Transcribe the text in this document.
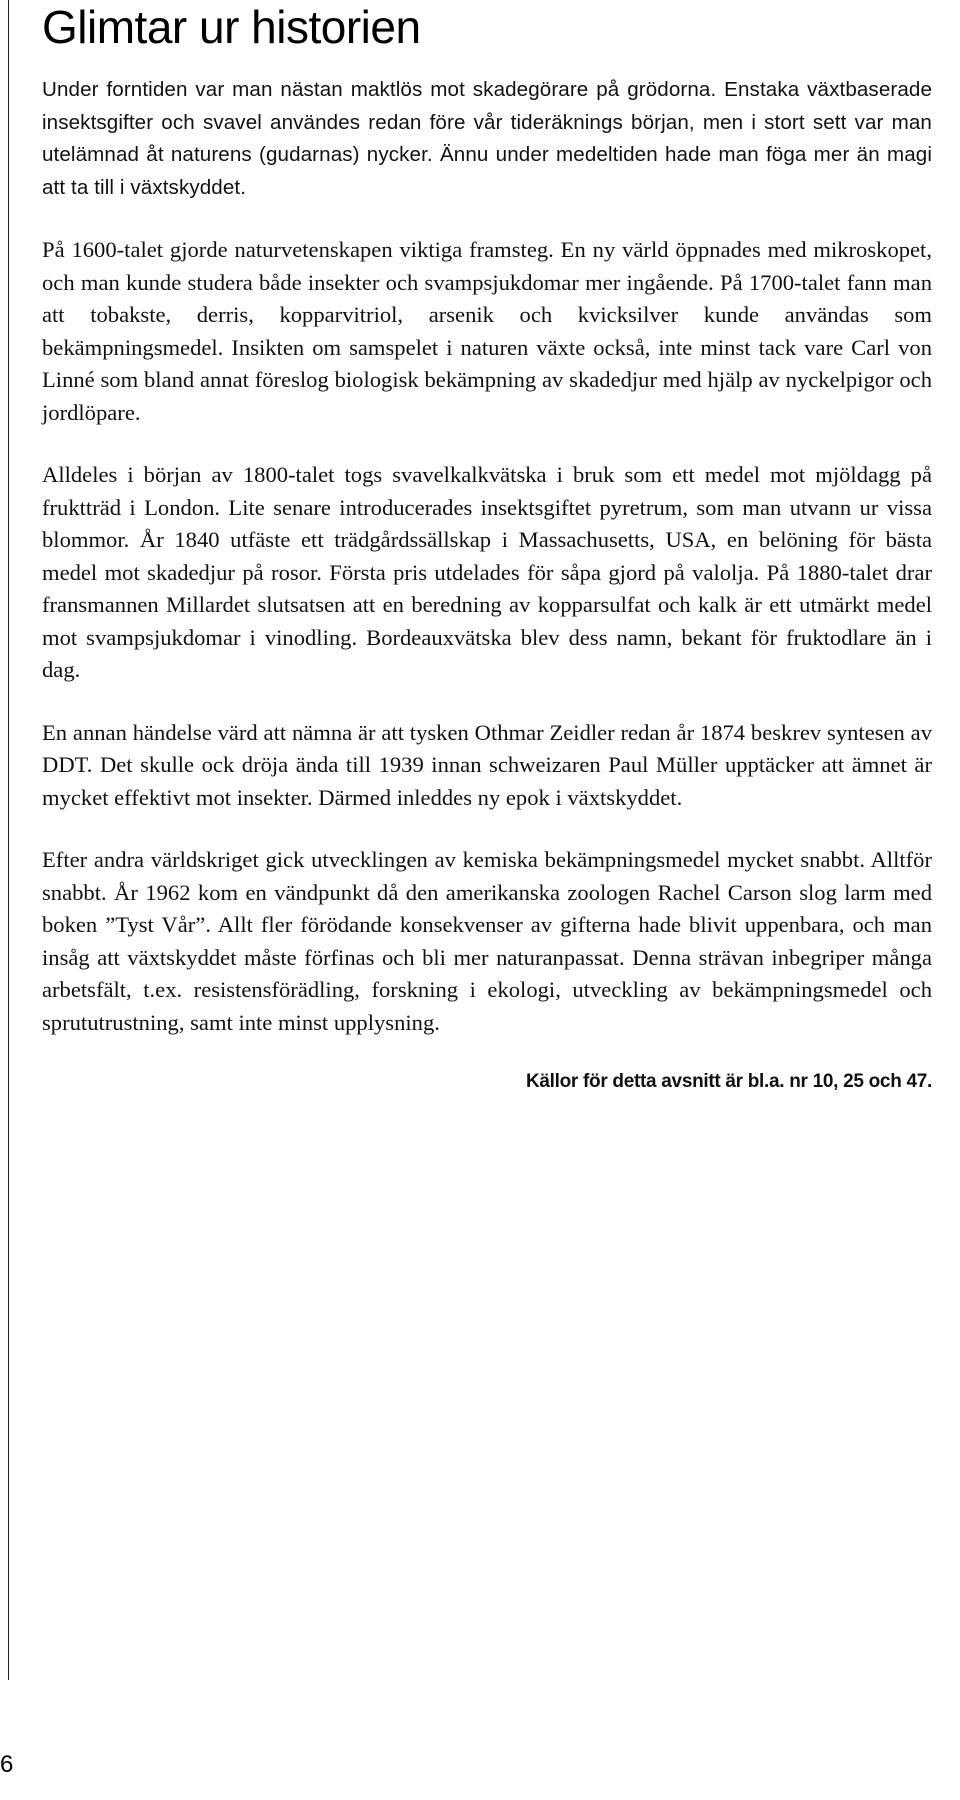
Glimtar ur historien

Under forntiden var man nästan maktlös mot skadegörare på grödorna. Enstaka växtbaserade insektsgifter och svavel användes redan före vår tideräknings början, men i stort sett var man utelämnad åt naturens (gudarnas) nycker. Ännu under medeltiden hade man föga mer än magi att ta till i växtskyddet.

På 1600-talet gjorde naturvetenskapen viktiga framsteg. En ny värld öppnades med mikroskopet, och man kunde studera både insekter och svampsjukdomar mer ingående. På 1700-talet fann man att tobakste, derris, kopparvitriol, arsenik och kvicksilver kunde användas som bekämpningsmedel. Insikten om samspelet i naturen växte också, inte minst tack vare Carl von Linné som bland annat föreslog biologisk bekämpning av skadedjur med hjälp av nyckelpigor och jordlöpare.

Alldeles i början av 1800-talet togs svavelkalkvätska i bruk som ett medel mot mjöldagg på fruktträd i London. Lite senare introducerades insektsgiftet pyretrum, som man utvann ur vissa blommor. År 1840 utfäste ett trädgårdssällskap i Massachusetts, USA, en belöning för bästa medel mot skadedjur på rosor. Första pris utdelades för såpa gjord på valolja. På 1880-talet drar fransmannen Millardet slutsatsen att en beredning av kopparsulfat och kalk är ett utmärkt medel mot svampsjukdomar i vinodling. Bordeauxvätska blev dess namn, bekant för fruktodlare än i dag.

En annan händelse värd att nämna är att tysken Othmar Zeidler redan år 1874 beskrev syntesen av DDT. Det skulle ock dröja ända till 1939 innan schweizaren Paul Müller upptäcker att ämnet är mycket effektivt mot insekter. Därmed inleddes ny epok i växtskyddet.

Efter andra världskriget gick utvecklingen av kemiska bekämpningsmedel mycket snabbt. Alltför snabbt. År 1962 kom en vändpunkt då den amerikanska zoologen Rachel Carson slog larm med boken ”Tyst Vår”. Allt fler förödande konsekvenser av gifterna hade blivit uppenbara, och man insåg att växtskyddet måste förfinas och bli mer naturanpassat. Denna strävan inbegriper många arbetsfält, t.ex. resistensförädling, forskning i ekologi, utveckling av bekämpningsmedel och sprututrustning, samt inte minst upplysning.

Källor för detta avsnitt är bl.a. nr 10, 25 och 47.

6
